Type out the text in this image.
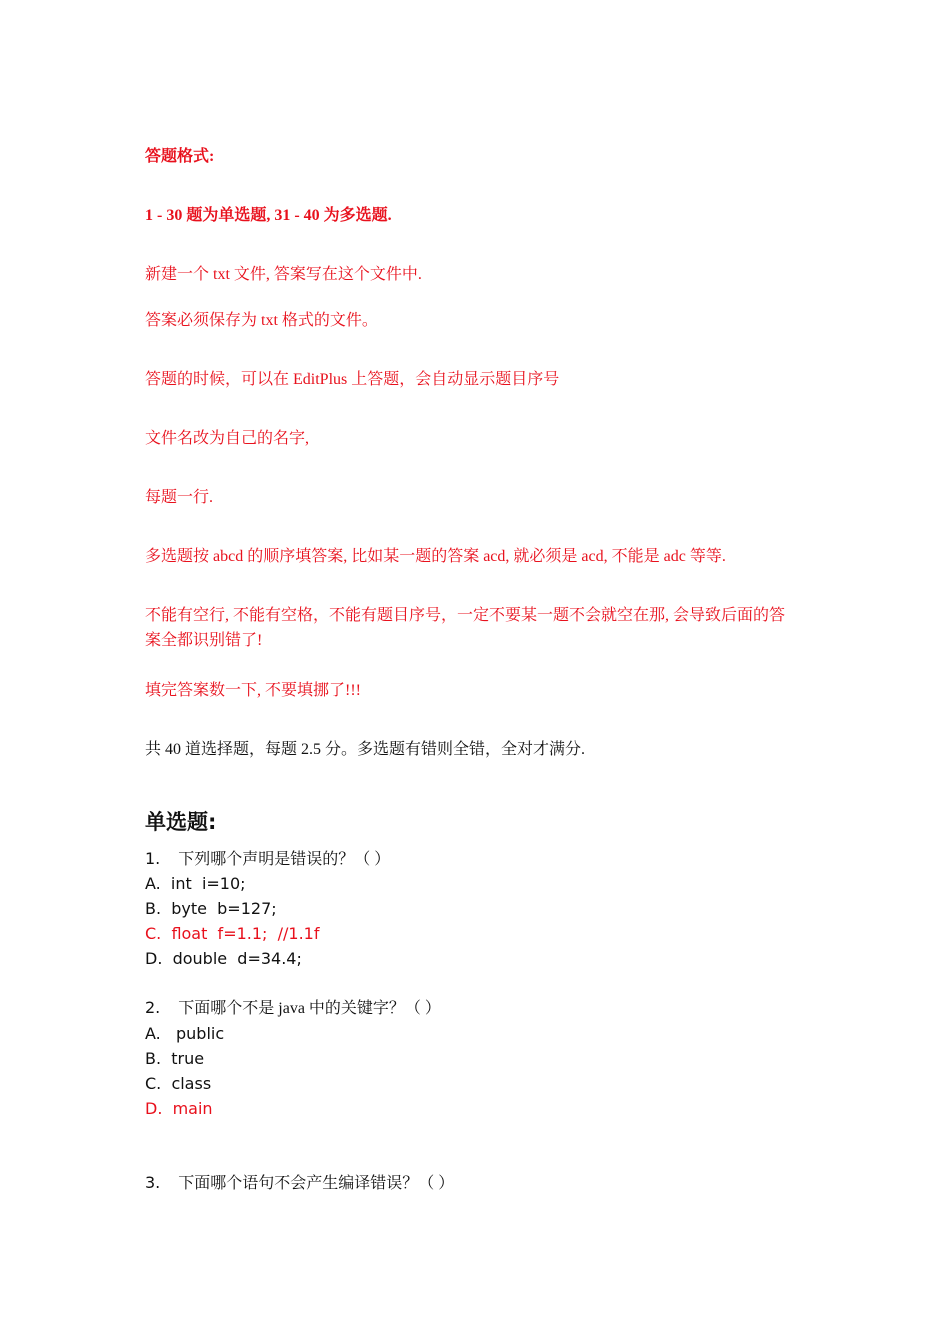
答题格式:
1 - 30 题为单选题, 31 - 40 为多选题.
新建一个 txt 文件, 答案写在这个文件中.
答案必须保存为 txt 格式的文件。
答题的时候，可以在 EditPlus 上答题，会自动显示题目序号
文件名改为自己的名字,
每题一行.
多选题按 abcd 的顺序填答案, 比如某一题的答案 acd, 就必须是 acd, 不能是 adc 等等.
不能有空行, 不能有空格，不能有题目序号，一定不要某一题不会就空在那, 会导致后面的答
案全都识别错了!
填完答案数一下, 不要填挪了!!!
共 40 道选择题，每题 2.5 分。多选题有错则全错，全对才满分.
单选题:
1. 下列哪个声明是错误的？（ ）
A. int  i=10;
B. byte  b=127;
C. float  f=1.1;  //1.1f
D. double  d=34.4;
2. 下面哪个不是 java 中的关键字？（ ）
A.   public
B. true
C. class
D. main
3. 下面哪个语句不会产生编译错误？（ ）
